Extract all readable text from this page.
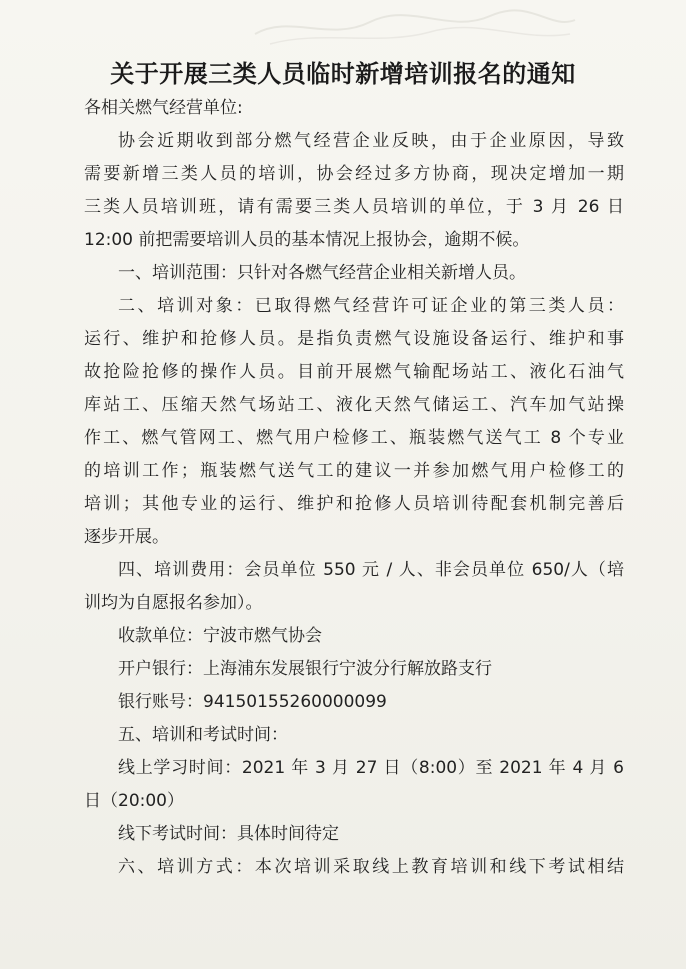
关于开展三类人员临时新增培训报名的通知
各相关燃气经营单位:
协会近期收到部分燃气经营企业反映，由于企业原因，导致
需要新增三类人员的培训，协会经过多方协商，现决定增加一期
三类人员培训班，请有需要三类人员培训的单位，于 3 月 26 日
12:00 前把需要培训人员的基本情况上报协会，逾期不候。
一、培训范围：只针对各燃气经营企业相关新增人员。
二、培训对象：已取得燃气经营许可证企业的第三类人员：
运行、维护和抢修人员。是指负责燃气设施设备运行、维护和事
故抢险抢修的操作人员。目前开展燃气输配场站工、液化石油气
库站工、压缩天然气场站工、液化天然气储运工、汽车加气站操
作工、燃气管网工、燃气用户检修工、瓶装燃气送气工 8 个专业
的培训工作；瓶装燃气送气工的建议一并参加燃气用户检修工的
培训；其他专业的运行、维护和抢修人员培训待配套机制完善后
逐步开展。
四、培训费用：会员单位 550 元 / 人、非会员单位 650/人（培
训均为自愿报名参加）。
收款单位：宁波市燃气协会
开户银行：上海浦东发展银行宁波分行解放路支行
银行账号：94150155260000099
五、培训和考试时间：
线上学习时间：2021 年 3 月 27 日（8:00）至 2021 年 4 月 6
日（20:00）
线下考试时间：具体时间待定
六、培训方式：本次培训采取线上教育培训和线下考试相结
